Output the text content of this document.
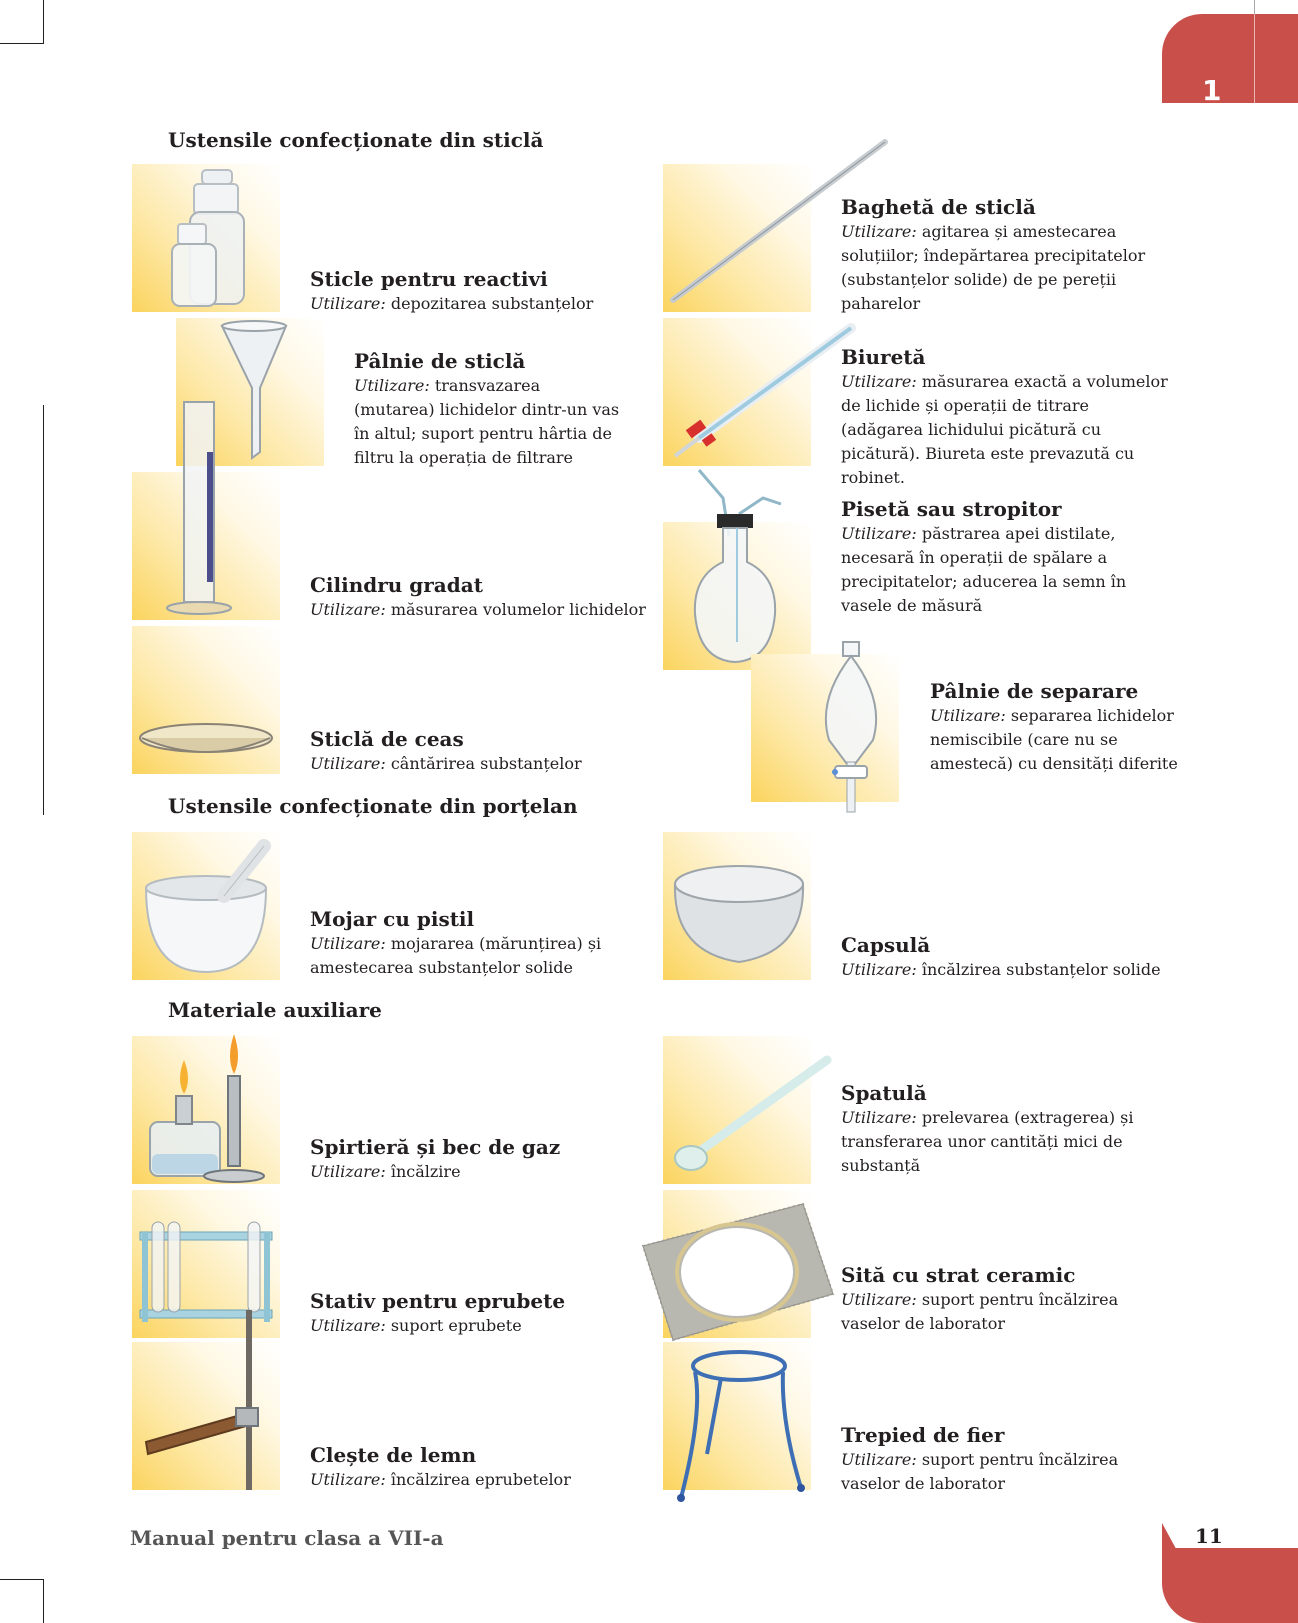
1
Ustensile confecționate din sticlă
Ustensile confecționate din porțelan
Materiale auxiliare
Sticle pentru reactivi
Utilizare: depozitarea substanțelor
Pâlnie de sticlă
Utilizare: transvazarea (mutarea) lichidelor dintr-un vas în altul; suport pentru hârtia de filtru la operația de filtrare
Cilindru gradat
Utilizare: măsurarea volumelor lichidelor
Sticlă de ceas
Utilizare: cântărirea substanțelor
Mojar cu pistil
Utilizare: mojararea (mărunțirea) și amestecarea substanțelor solide
Spirtieră și bec de gaz
Utilizare: încălzire
Stativ pentru eprubete
Utilizare: suport eprubete
Clește de lemn
Utilizare: încălzirea eprubetelor
Baghetă de sticlă
Utilizare: agitarea și amestecarea soluțiilor; îndepărtarea precipitatelor (substanțelor solide) de pe pereții paharelor
Biuretă
Utilizare: măsurarea exactă a volumelor de lichide și operații de titrare (adăgarea lichidului picătură cu picătură). Biureta este prevazută cu robinet.
Pisetă sau stropitor
Utilizare: păstrarea apei distilate, necesară în operații de spălare a precipitatelor; aducerea la semn în vasele de măsură
Pâlnie de separare
Utilizare: separarea lichidelor nemiscibile (care nu se amestecă) cu densități diferite
Capsulă
Utilizare: încălzirea substanțelor solide
Spatulă
Utilizare: prelevarea (extragerea) și transferarea unor cantități mici de substanță
Sită cu strat ceramic
Utilizare: suport pentru încălzirea vaselor de laborator
Trepied de fier
Utilizare: suport pentru încălzirea vaselor de laborator
Manual pentru clasa a VII-a	11
